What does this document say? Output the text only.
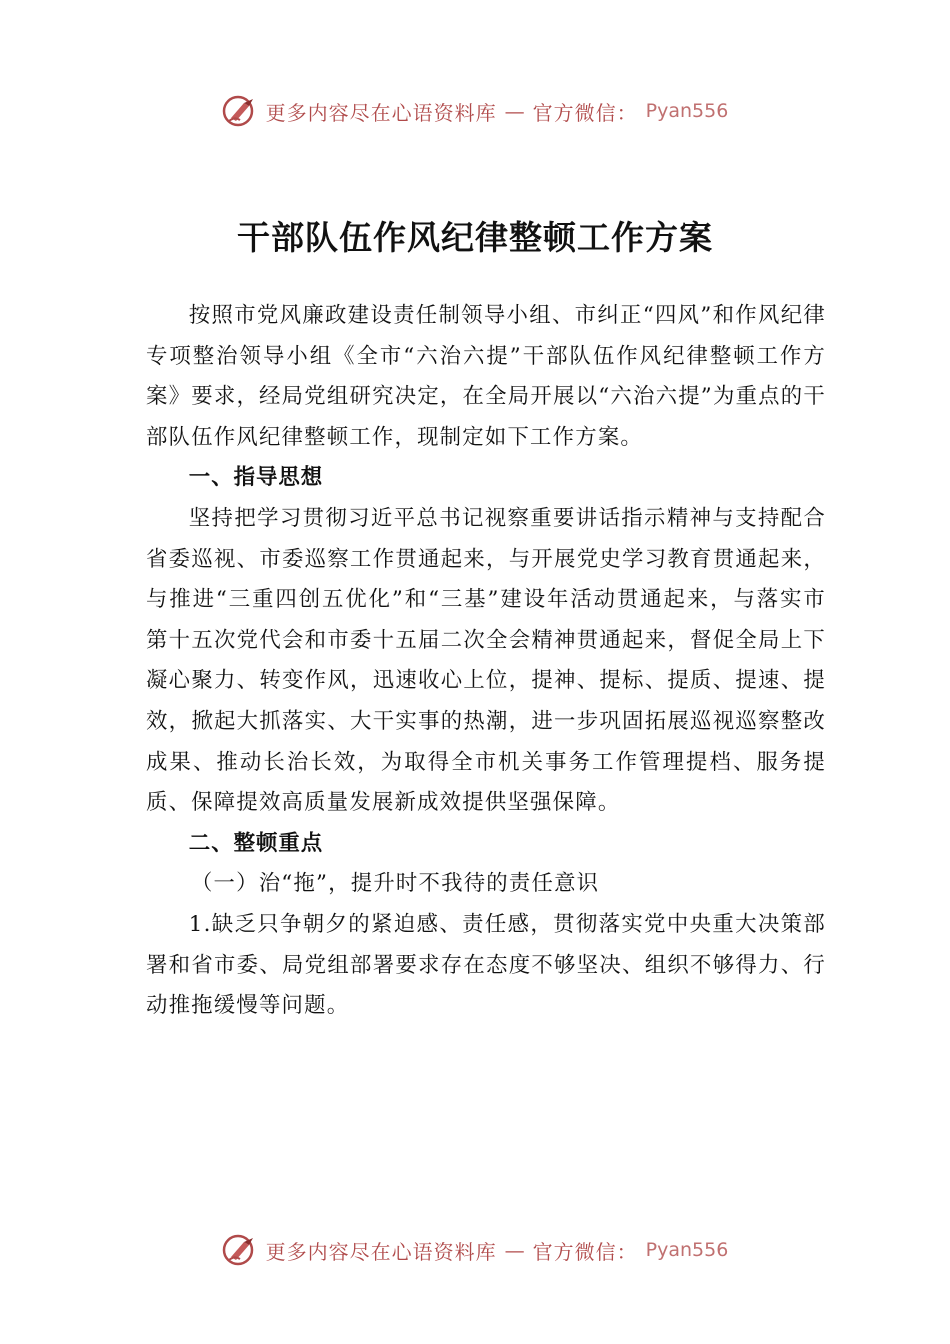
更多内容尽在心语资料库 — 官方微信： Pyan556
干部队伍作风纪律整顿工作方案

按照市党风廉政建设责任制领导小组、市纠正“四风”和作风纪律专项整治领导小组《全市“六治六提”干部队伍作风纪律整顿工作方案》要求，经局党组研究决定，在全局开展以“六治六提”为重点的干部队伍作风纪律整顿工作，现制定如下工作方案。

一、指导思想

坚持把学习贯彻习近平总书记视察重要讲话指示精神与支持配合省委巡视、市委巡察工作贯通起来，与开展党史学习教育贯通起来，与推进“三重四创五优化”和“三基”建设年活动贯通起来，与落实市第十五次党代会和市委十五届二次全会精神贯通起来，督促全局上下凝心聚力、转变作风，迅速收心上位，提神、提标、提质、提速、提效，掀起大抓落实、大干实事的热潮，进一步巩固拓展巡视巡察整改成果、推动长治长效，为取得全市机关事务工作管理提档、服务提质、保障提效高质量发展新成效提供坚强保障。

二、整顿重点

（一）治“拖”，提升时不我待的责任意识

1.缺乏只争朝夕的紧迫感、责任感，贯彻落实党中央重大决策部署和省市委、局党组部署要求存在态度不够坚决、组织不够得力、行动推拖缓慢等问题。

更多内容尽在心语资料库 — 官方微信： Pyan556
